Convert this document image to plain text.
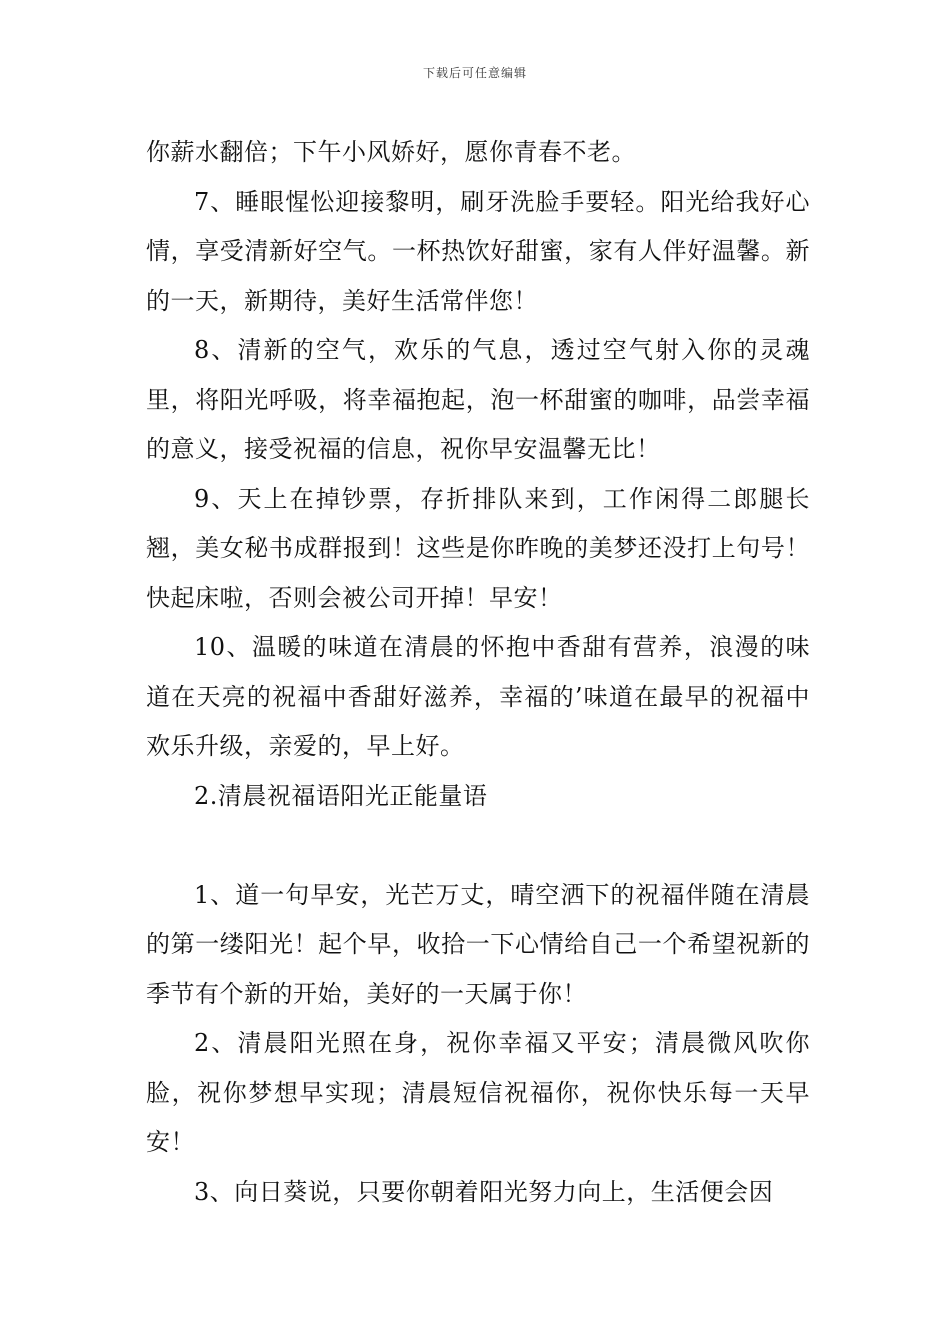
下载后可任意编辑

你薪水翻倍；下午小风娇好，愿你青春不老。

7、睡眼惺忪迎接黎明，刷牙洗脸手要轻。阳光给我好心情，享受清新好空气。一杯热饮好甜蜜，家有人伴好温馨。新的一天，新期待，美好生活常伴您！

8、清新的空气，欢乐的气息，透过空气射入你的灵魂里，将阳光呼吸，将幸福抱起，泡一杯甜蜜的咖啡，品尝幸福的意义，接受祝福的信息，祝你早安温馨无比！

9、天上在掉钞票，存折排队来到，工作闲得二郎腿长翘，美女秘书成群报到！这些是你昨晚的美梦还没打上句号！快起床啦，否则会被公司开掉！早安！

10、温暖的味道在清晨的怀抱中香甜有营养，浪漫的味道在天亮的祝福中香甜好滋养，幸福的’味道在最早的祝福中欢乐升级，亲爱的，早上好。

2.清晨祝福语阳光正能量语

1、道一句早安，光芒万丈，晴空洒下的祝福伴随在清晨的第一缕阳光！起个早，收拾一下心情给自己一个希望祝新的季节有个新的开始，美好的一天属于你！

2、清晨阳光照在身，祝你幸福又平安；清晨微风吹你脸，祝你梦想早实现；清晨短信祝福你，祝你快乐每一天早安！

3、向日葵说，只要你朝着阳光努力向上，生活便会因
